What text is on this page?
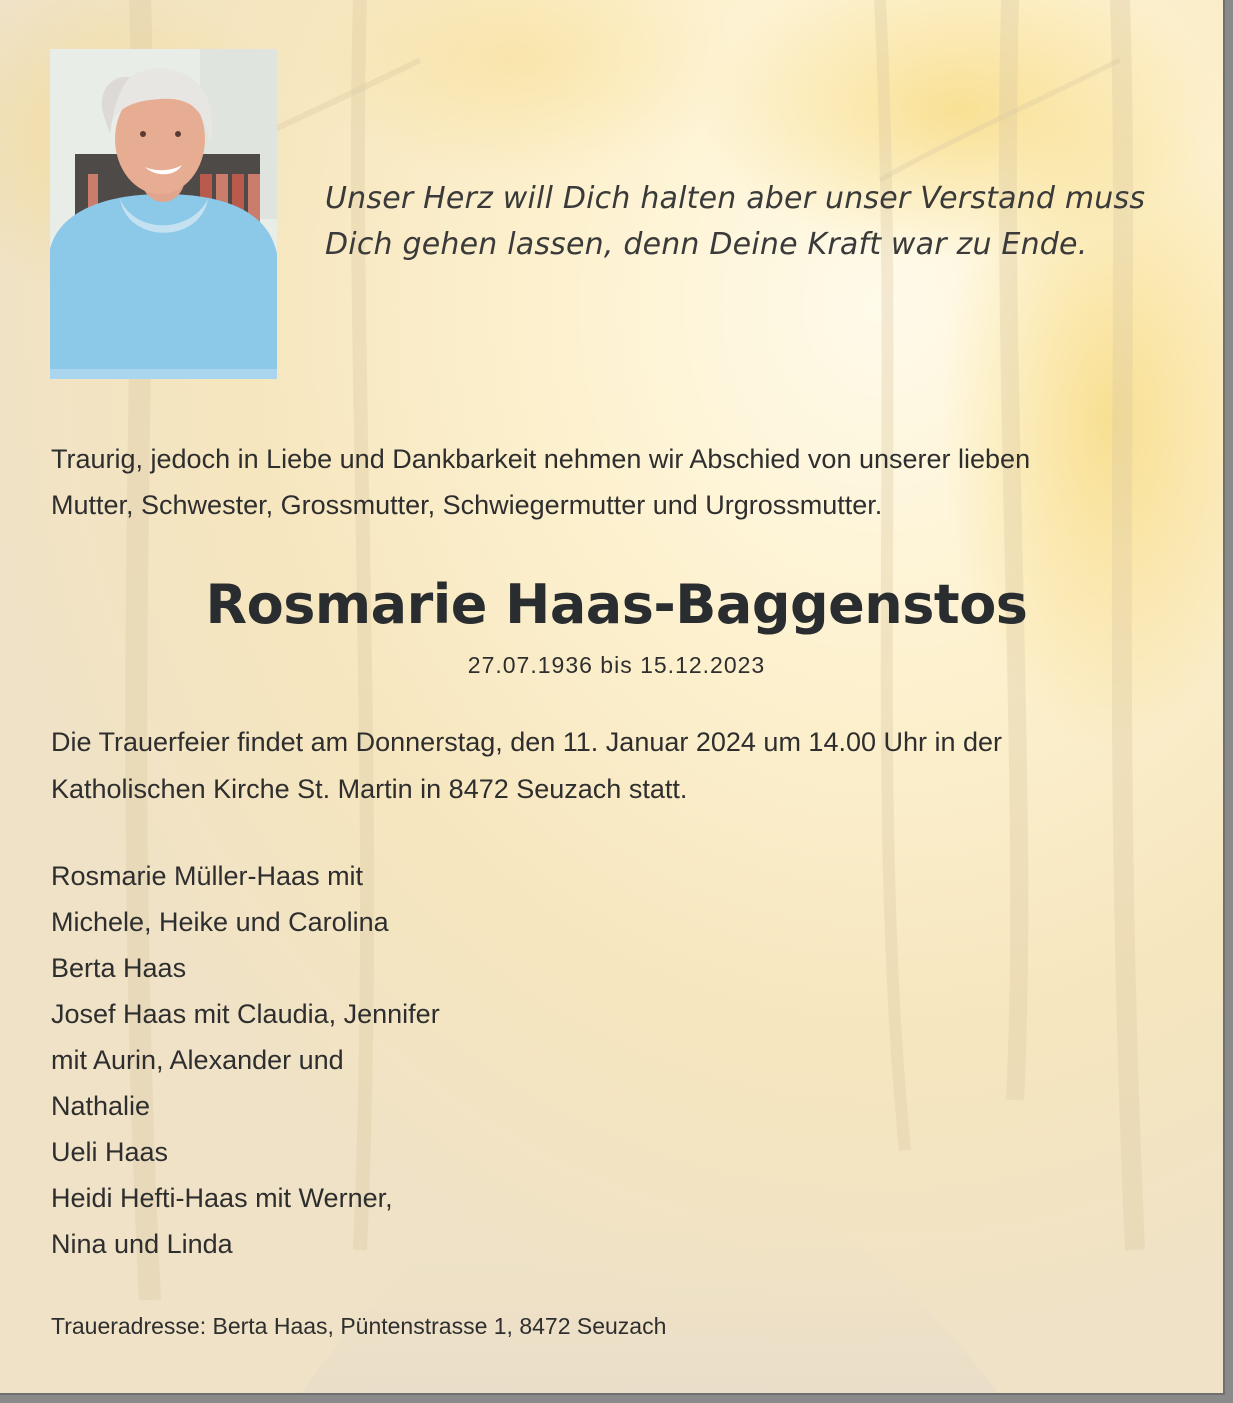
Unser Herz will Dich halten aber unser Verstand muss
Dich gehen lassen, denn Deine Kraft war zu Ende.
Traurig, jedoch in Liebe und Dankbarkeit nehmen wir Abschied von unserer lieben
Mutter, Schwester, Grossmutter, Schwiegermutter und Urgrossmutter.
Rosmarie Haas-Baggenstos
27.07.1936 bis 15.12.2023
Die Trauerfeier findet am Donnerstag, den 11. Januar 2024 um 14.00 Uhr in der
Katholischen Kirche St. Martin in 8472 Seuzach statt.
Rosmarie Müller-Haas mit
Michele, Heike und Carolina
Berta Haas
Josef Haas mit Claudia, Jennifer
mit Aurin, Alexander und
Nathalie
Ueli Haas
Heidi Hefti-Haas mit Werner,
Nina und Linda
Traueradresse: Berta Haas, Püntenstrasse 1, 8472 Seuzach
